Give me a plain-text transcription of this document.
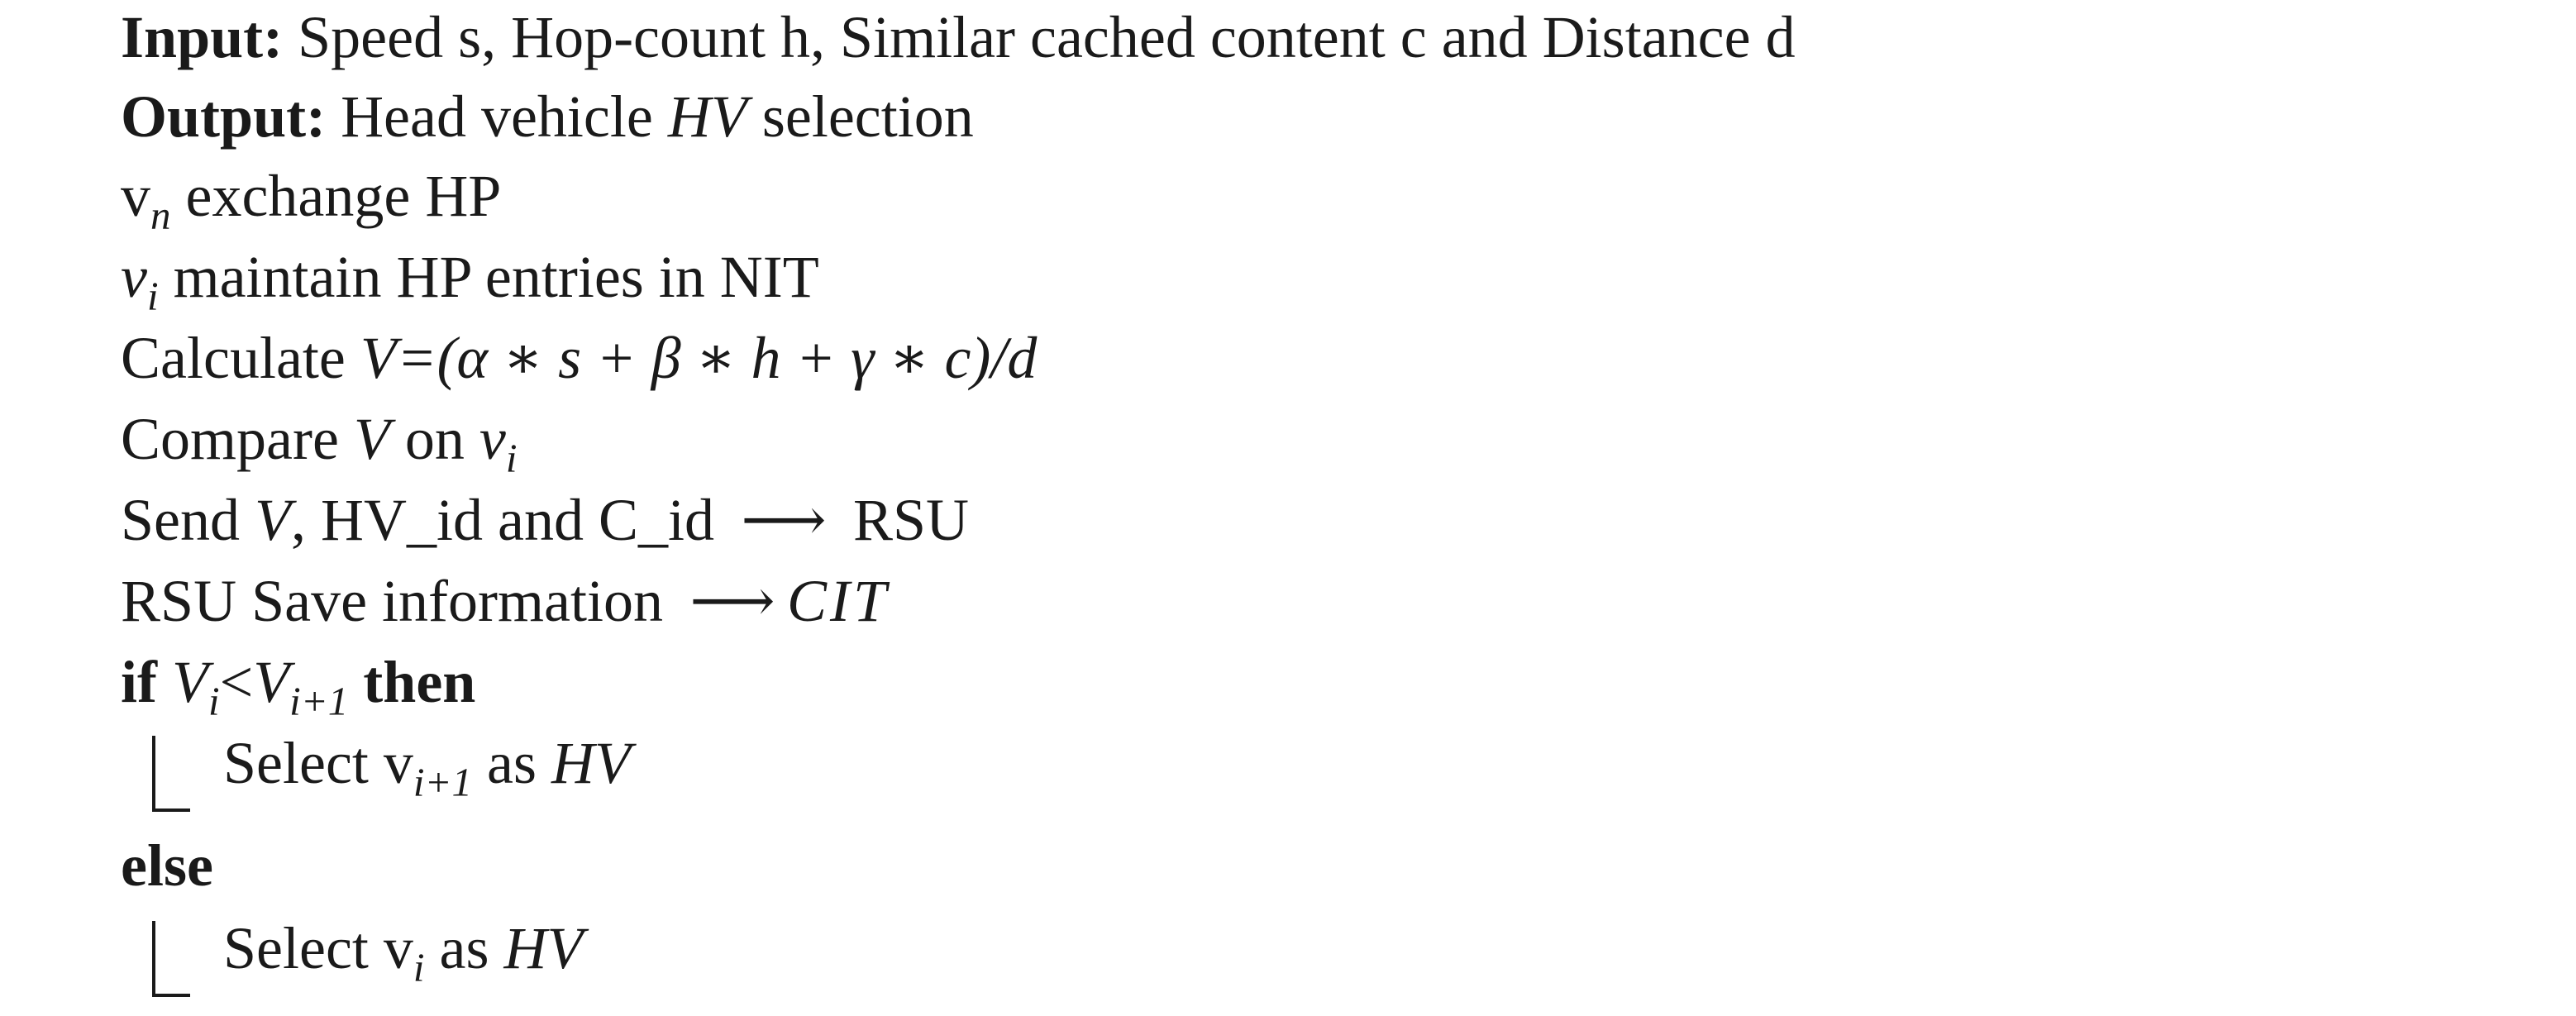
Input: Speed s, Hop-count h, Similar cached content c and Distance d
Output: Head vehicle HV selection
$v_n$ exchange HP
$v_i$ maintain HP entries in NIT
Calculate V=(α ∗ s + β ∗ h + γ ∗ c)/d
Compare V on $v_i$
Send V, HV_id and C_id ⟶ RSU
RSU Save information ⟶ CIT
if $V_i<V_{i+1}$ then
Select $v_{i+1}$ as HV
else
Select $v_i$ as HV
